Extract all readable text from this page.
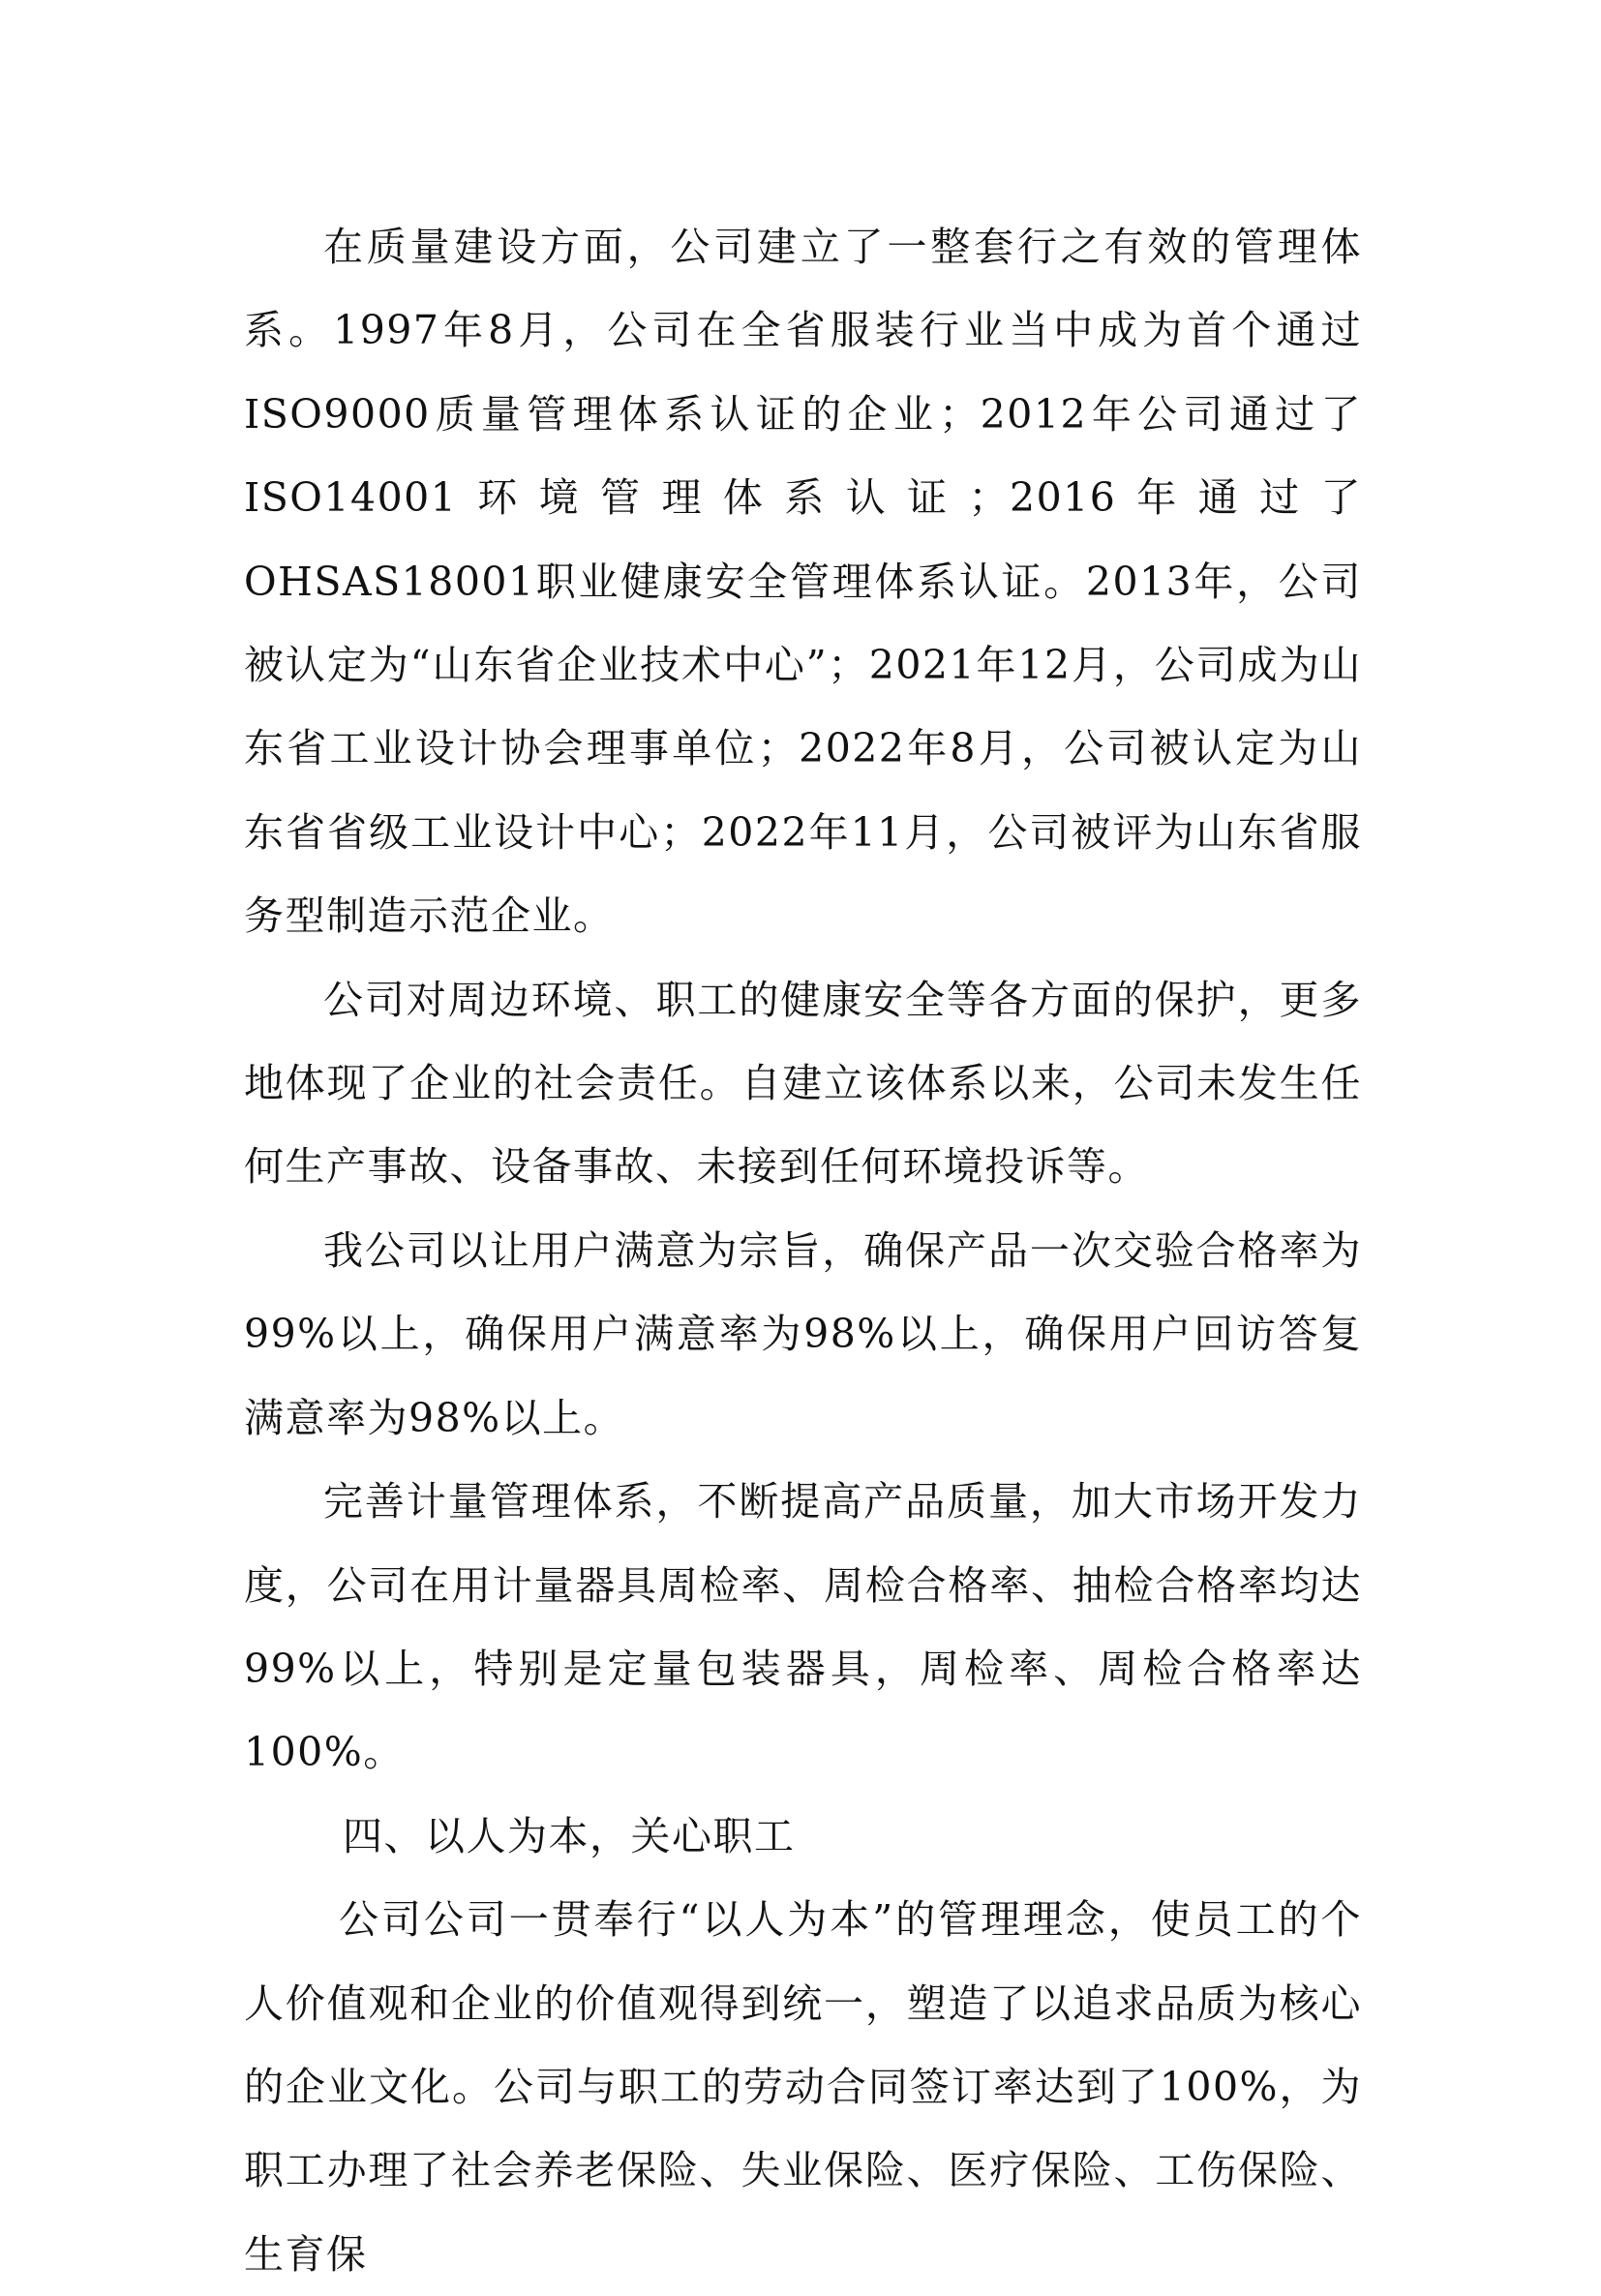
在质量建设方面，公司建立了一整套行之有效的管理体系。1997年8月，公司在全省服装行业当中成为首个通过ISO9000质量管理体系认证的企业；2012年公司通过了ISO14001环境管理体系认证；2016年通过了OHSAS18001职业健康安全管理体系认证。2013年，公司被认定为“山东省企业技术中心”；2021年12月，公司成为山东省工业设计协会理事单位；2022年8月，公司被认定为山东省省级工业设计中心；2022年11月，公司被评为山东省服务型制造示范企业。

公司对周边环境、职工的健康安全等各方面的保护，更多地体现了企业的社会责任。自建立该体系以来，公司未发生任何生产事故、设备事故、未接到任何环境投诉等。

我公司以让用户满意为宗旨，确保产品一次交验合格率为99%以上，确保用户满意率为98%以上，确保用户回访答复满意率为98%以上。

完善计量管理体系，不断提高产品质量，加大市场开发力度，公司在用计量器具周检率、周检合格率、抽检合格率均达99%以上，特别是定量包装器具，周检率、周检合格率达100%。

四、以人为本，关心职工

公司公司一贯奉行“以人为本”的管理理念，使员工的个人价值观和企业的价值观得到统一，塑造了以追求品质为核心的企业文化。公司与职工的劳动合同签订率达到了100%，为职工办理了社会养老保险、失业保险、医疗保险、工伤保险、生育保
